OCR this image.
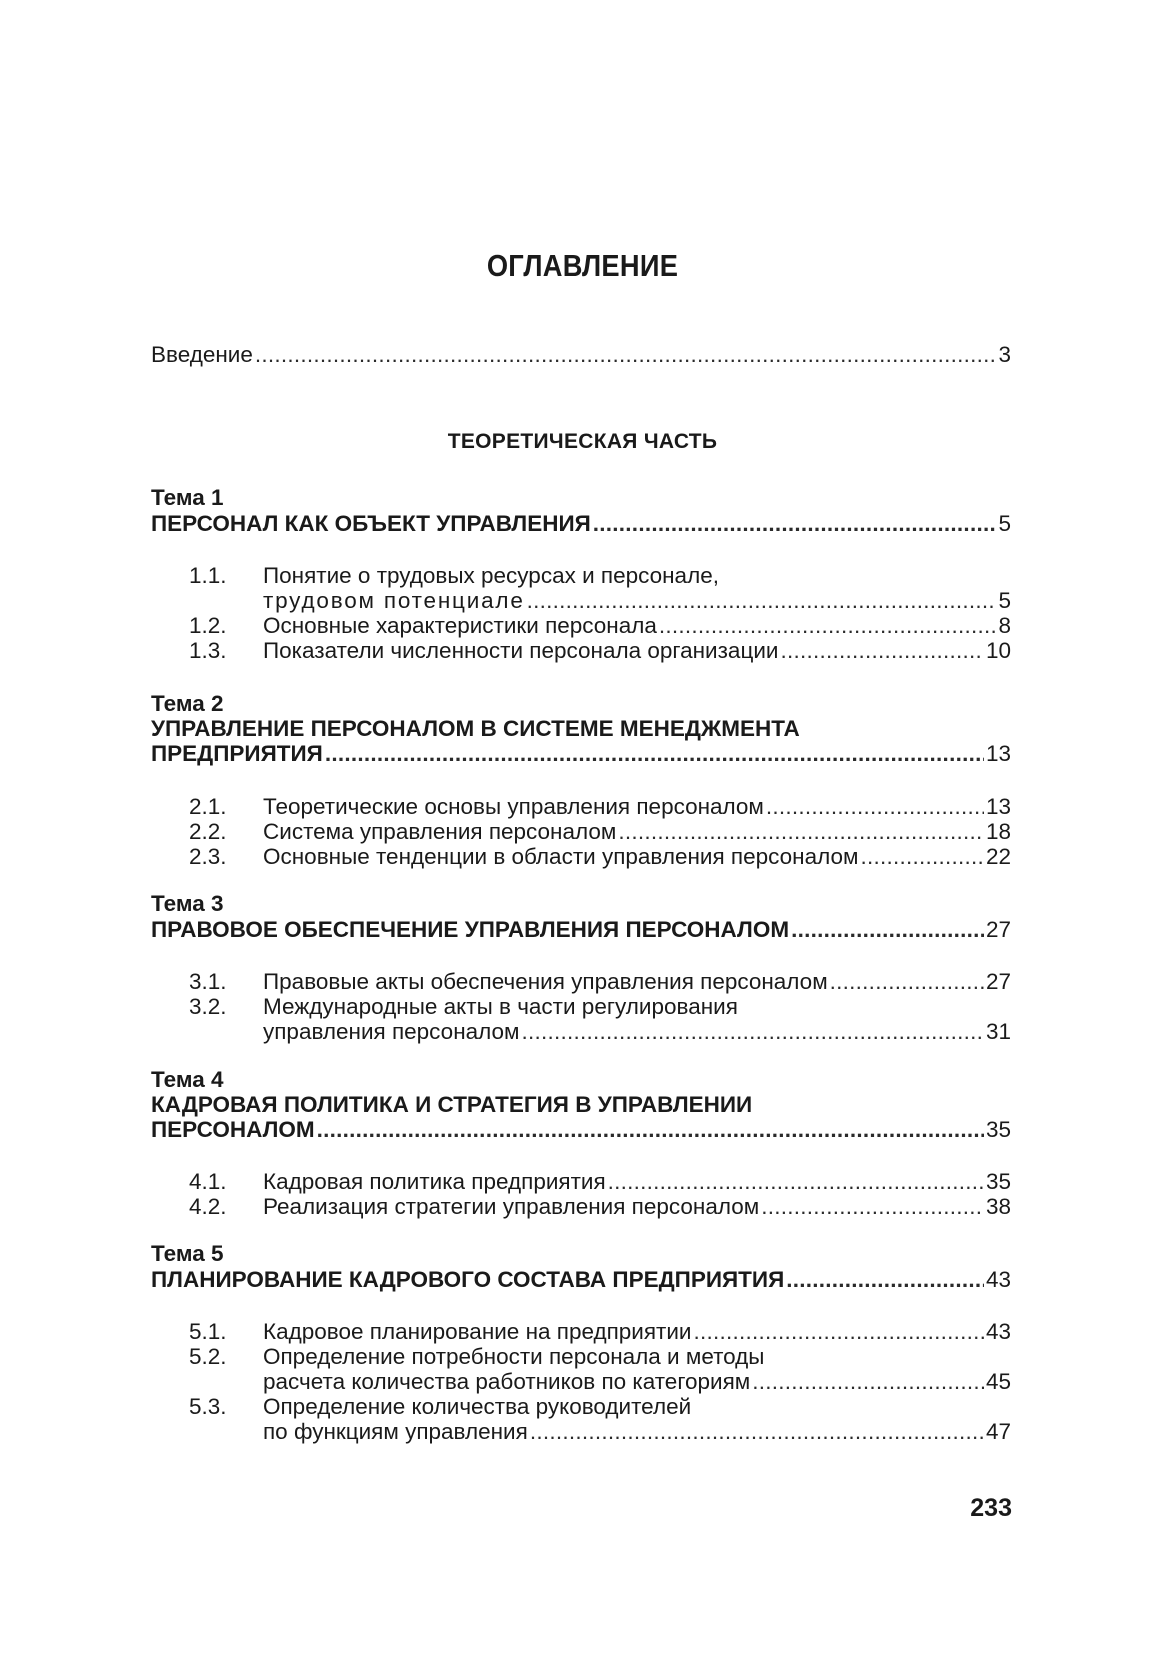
ОГЛАВЛЕНИЕ
Введение . . .	3
ТЕОРЕТИЧЕСКАЯ ЧАСТЬ
Тема 1
ПЕРСОНАЛ КАК ОБЪЕКТ УПРАВЛЕНИЯ . . .	5
1.1.	Понятие о трудовых ресурсах и персонале,
трудовом потенциале . . .	5
1.2.	Основные характеристики персонала . . .	8
1.3.	Показатели численности персонала организации . . .	10
Тема 2
УПРАВЛЕНИЕ ПЕРСОНАЛОМ В СИСТЕМЕ МЕНЕДЖМЕНТА
ПРЕДПРИЯТИЯ . . .	13
2.1.	Теоретические основы управления персоналом . . .	13
2.2.	Система управления персоналом . . .	18
2.3.	Основные тенденции в области управления персоналом . . .	22
Тема 3
ПРАВОВОЕ ОБЕСПЕЧЕНИЕ УПРАВЛЕНИЯ ПЕРСОНАЛОМ . . .	27
3.1.	Правовые акты обеспечения управления персоналом . . .	27
3.2.	Международные акты в части регулирования
управления персоналом . . .	31
Тема 4
КАДРОВАЯ ПОЛИТИКА И СТРАТЕГИЯ В УПРАВЛЕНИИ
ПЕРСОНАЛОМ . . .	35
4.1.	Кадровая политика предприятия . . .	35
4.2.	Реализация стратегии управления персоналом . . .	38
Тема 5
ПЛАНИРОВАНИЕ КАДРОВОГО СОСТАВА ПРЕДПРИЯТИЯ . . .	43
5.1.	Кадровое планирование на предприятии . . .	43
5.2.	Определение потребности персонала и методы
расчета количества работников по категориям . . .	45
5.3.	Определение количества руководителей
по функциям управления . . .	47
233
